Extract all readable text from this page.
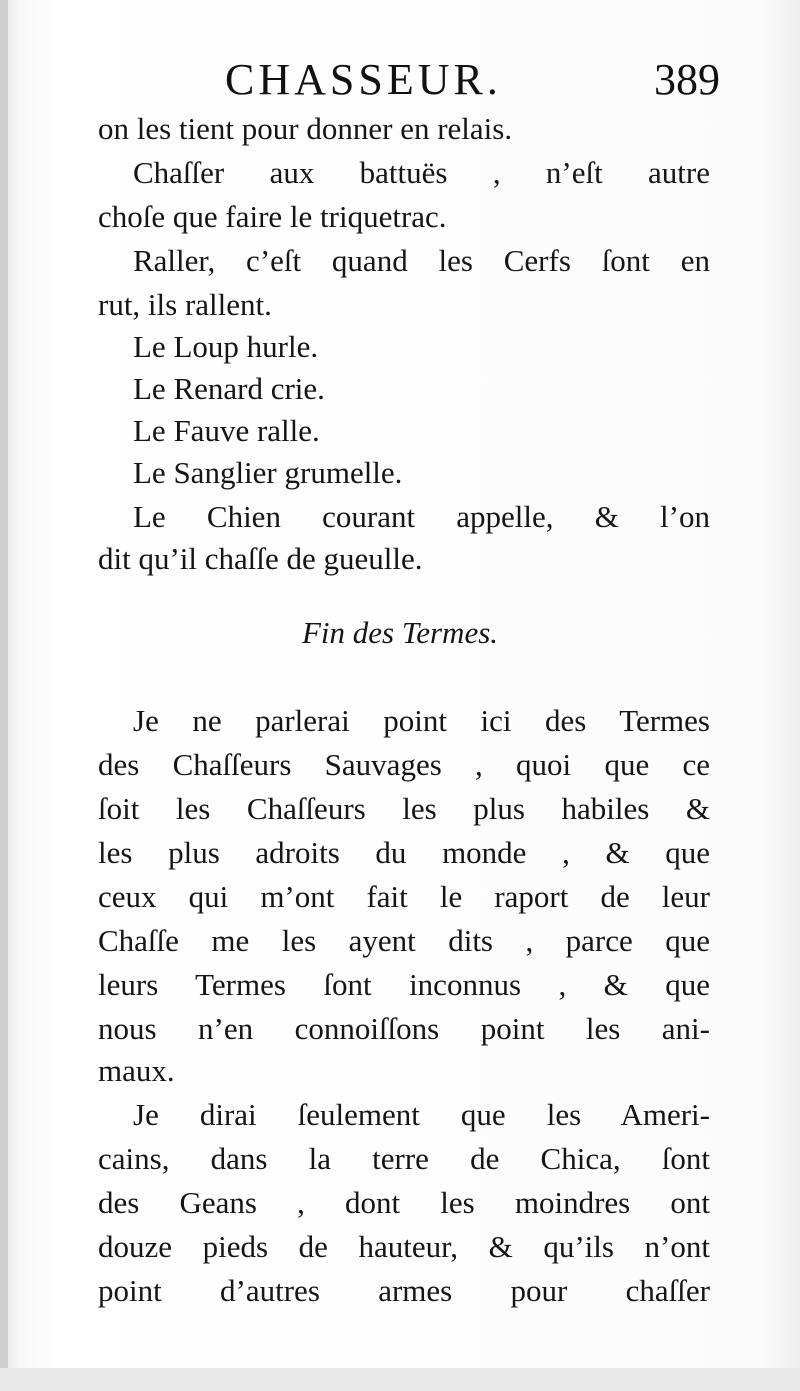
CHASSEUR.	389
on les tient pour donner en relais.
Chaſſer aux battuës , n’eſt autre
choſe que faire le triquetrac.
Raller, c’eſt quand les Cerfs ſont en
rut, ils rallent.
Le Loup hurle.
Le Renard crie.
Le Fauve ralle.
Le Sanglier grumelle.
Le Chien courant appelle, & l’on
dit qu’il chaſſe de gueulle.
Fin des Termes.
Je ne parlerai point ici des Termes
des Chaſſeurs Sauvages , quoi que ce
ſoit les Chaſſeurs les plus habiles &
les plus adroits du monde , & que
ceux qui m’ont fait le raport de leur
Chaſſe me les ayent dits , parce que
leurs Termes ſont inconnus , & que
nous n’en connoiſſons point les ani-
maux.
Je dirai ſeulement que les Ameri-
cains, dans la terre de Chica, ſont
des Geans , dont les moindres ont
douze pieds de hauteur, & qu’ils n’ont
point d’autres armes pour chaſſer
